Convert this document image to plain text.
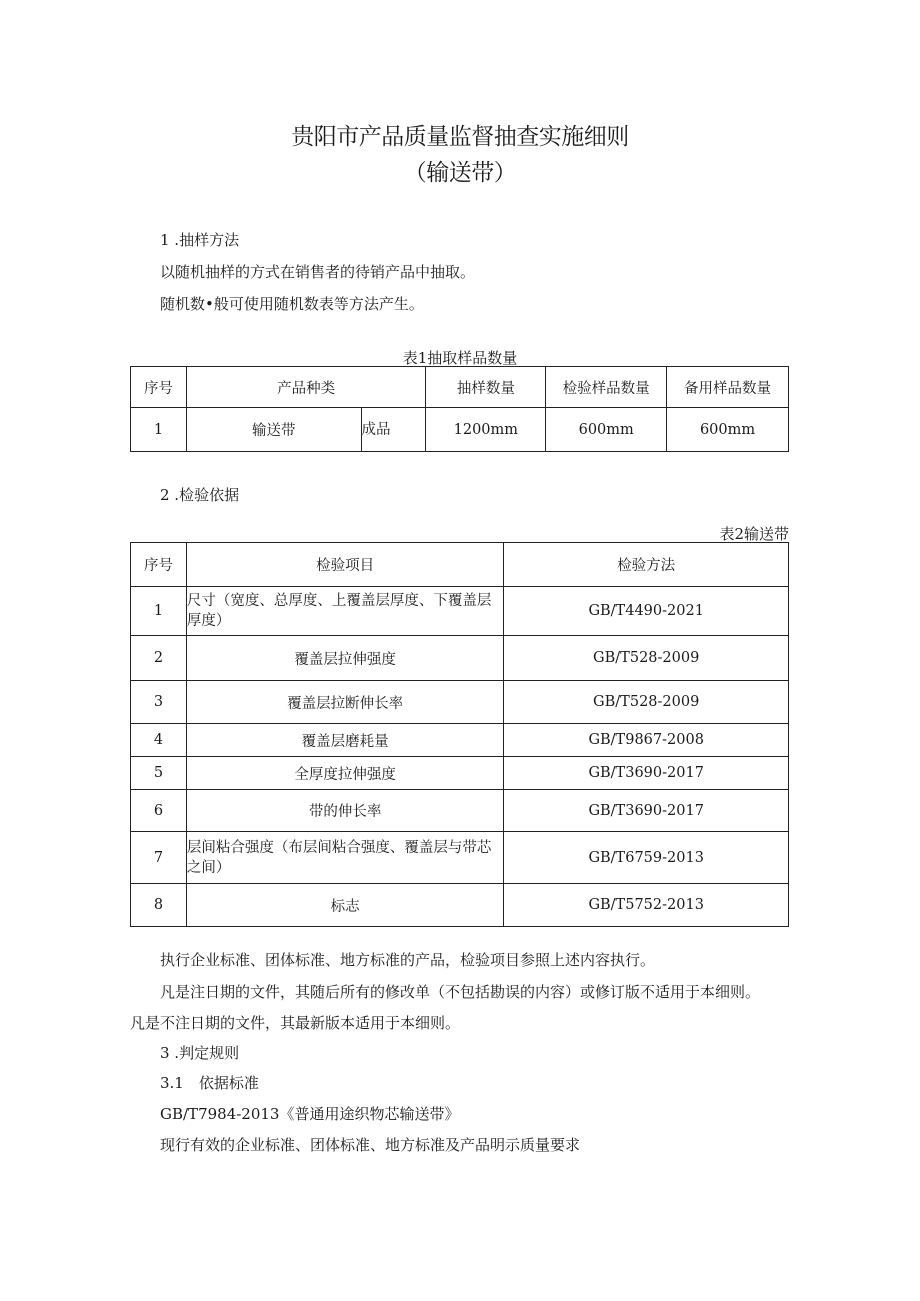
贵阳市产品质量监督抽查实施细则
（输送带）
1 .抽样方法
以随机抽样的方式在销售者的待销产品中抽取。
随机数•般可使用随机数表等方法产生。
表1抽取样品数量
序号	产品种类		抽样数量	检验样品数量	备用样品数量
1	输送带	成品	1200mm	600mm	600mm
2 .检验依据
表2输送带
序号	检验项目	检验方法
1	尺寸（宽度、总厚度、上覆盖层厚度、下覆盖层厚度）	GB/T4490-2021
2	覆盖层拉伸强度	GB/T528-2009
3	覆盖层拉断伸长率	GB/T528-2009
4	覆盖层磨耗量	GB/T9867-2008
5	全厚度拉伸强度	GB/T3690-2017
6	带的伸长率	GB/T3690-2017
7	层间粘合强度（布层间粘合强度、覆盖层与带芯之间）	GB/T6759-2013
8	标志	GB/T5752-2013
执行企业标准、团体标准、地方标准的产品，检验项目参照上述内容执行。
凡是注日期的文件，其随后所有的修改单（不包括勘误的内容）或修订版不适用于本细则。
凡是不注日期的文件，其最新版本适用于本细则。
3 .判定规则
3.1　依据标准
GB/T7984-2013《普通用途织物芯输送带》
现行有效的企业标准、团体标准、地方标准及产品明示质量要求
